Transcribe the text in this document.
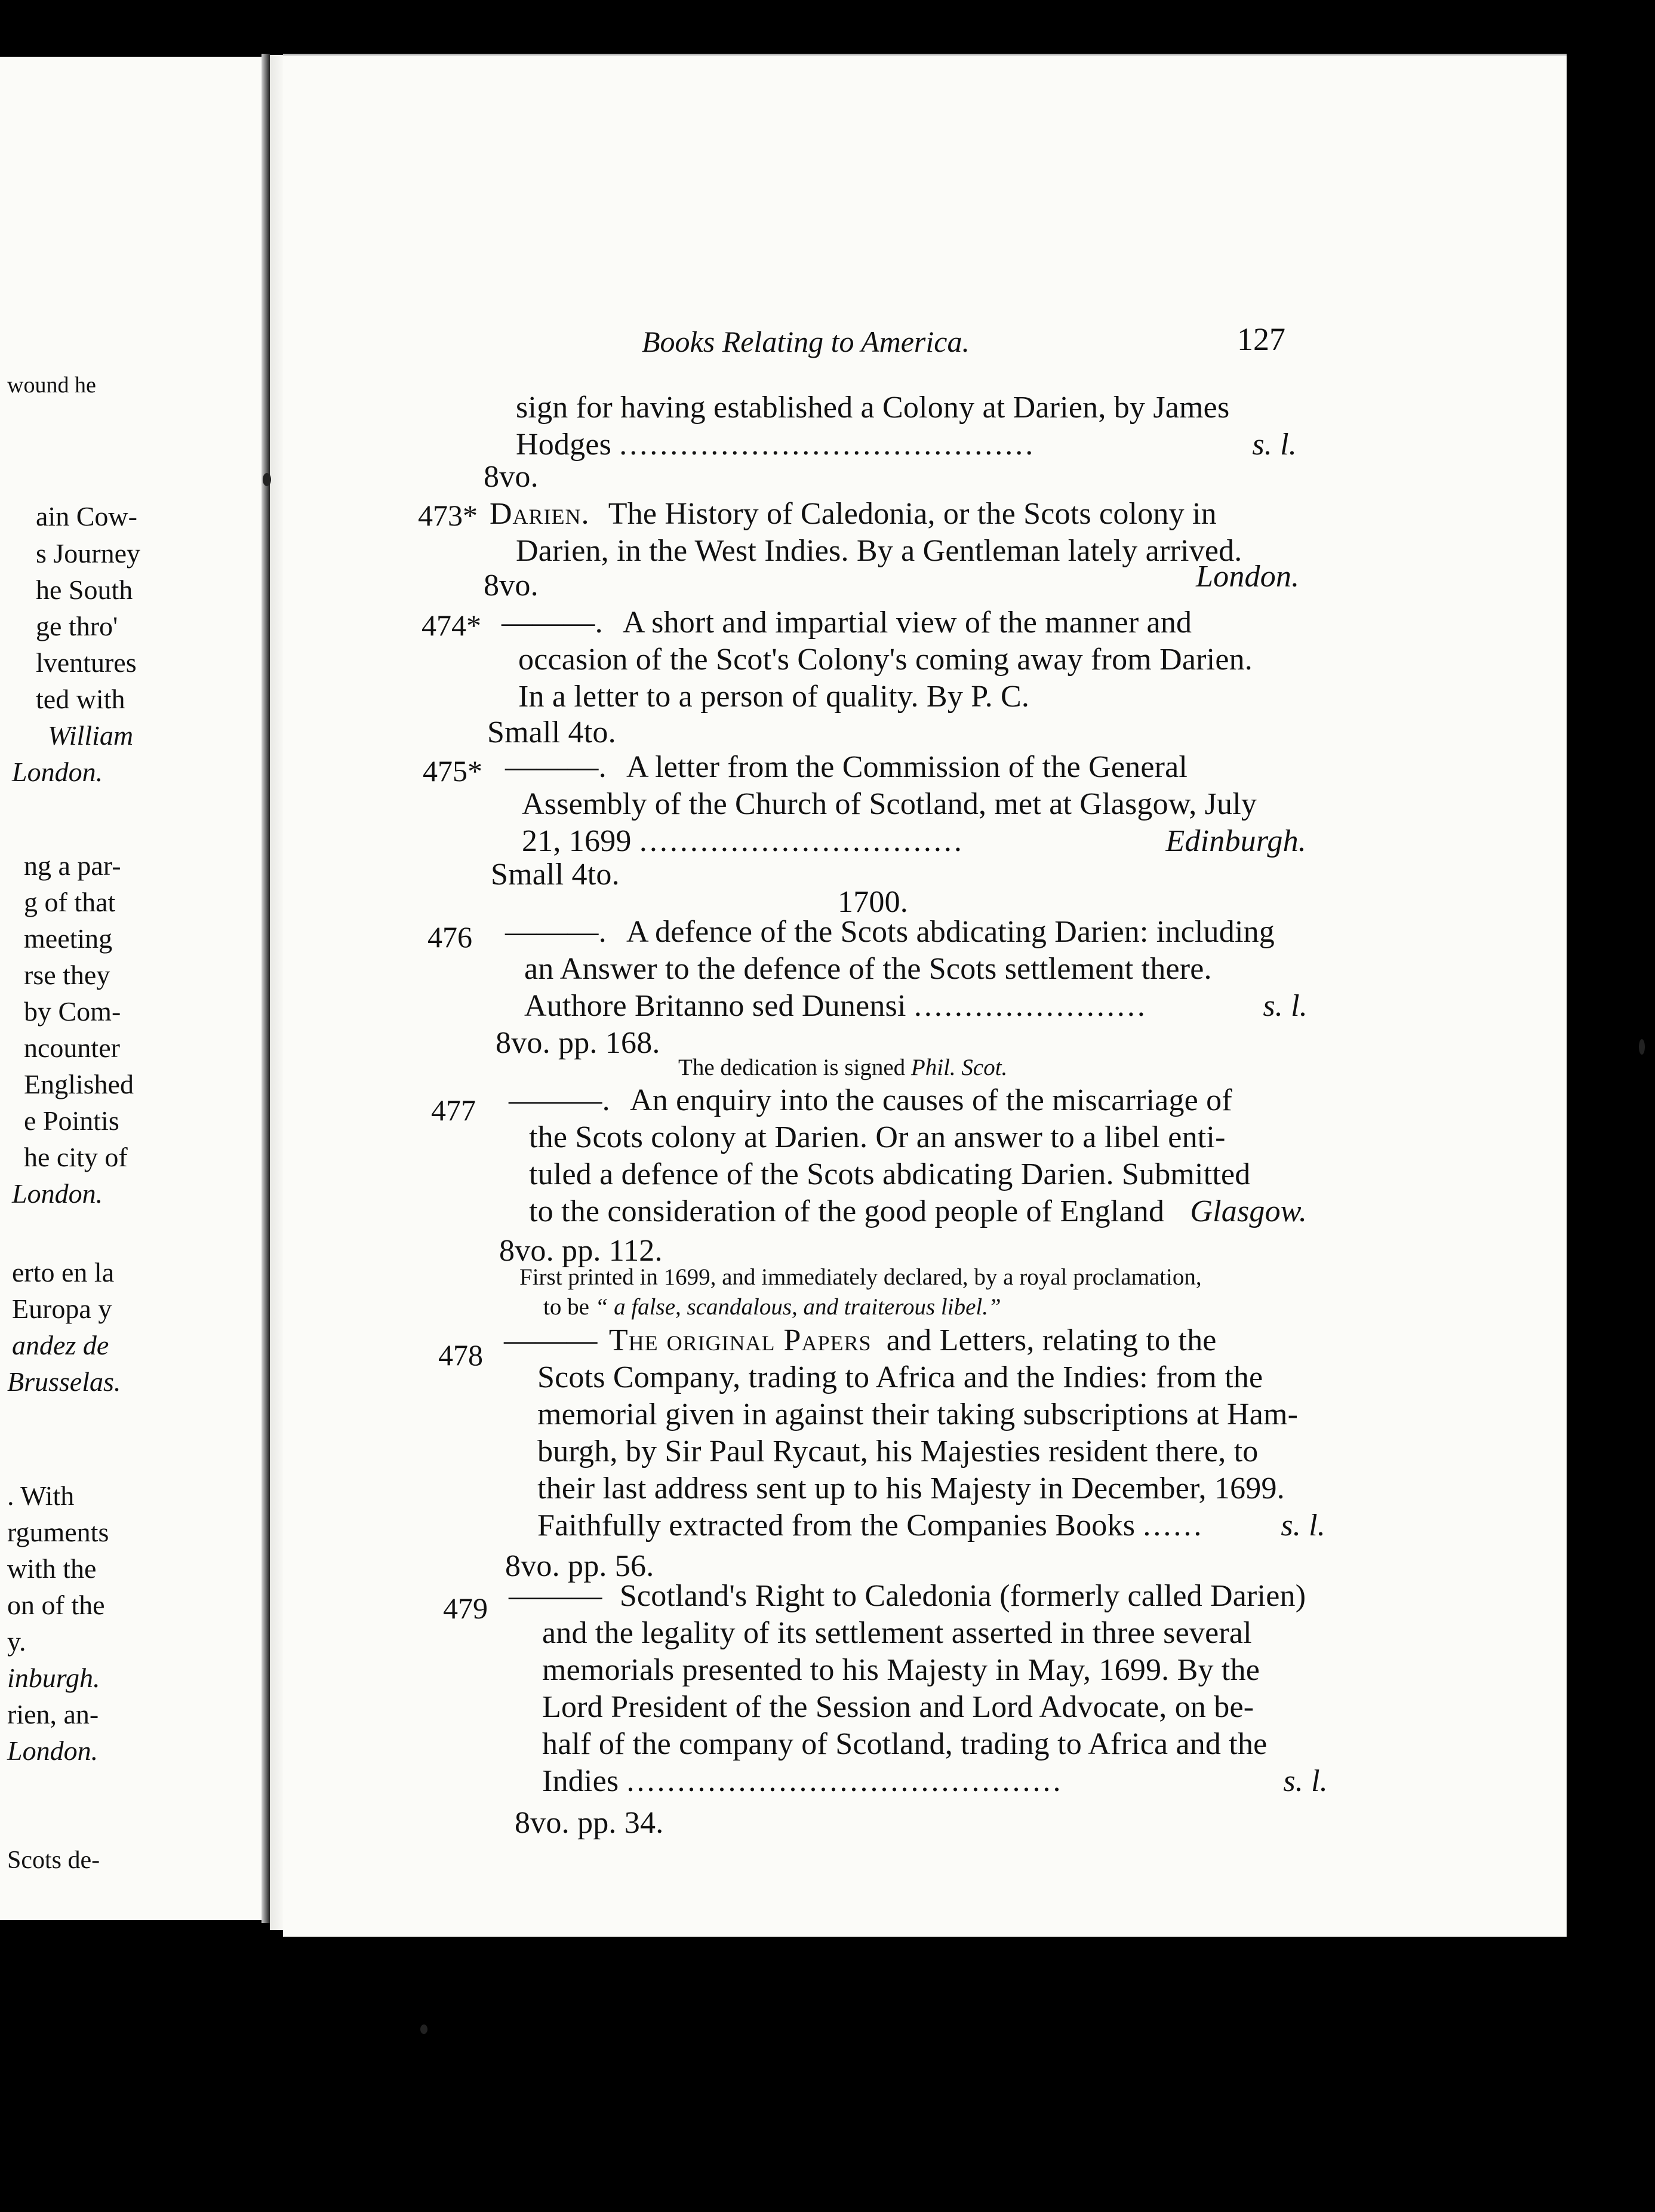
wound he
ain Cow-
s Journey
he South
ge thro'
lventures
ted with
William
London.
ng a par-
g of that
meeting
rse they
by Com-
ncounter
Englished
e Pointis
he city of
London.
erto en la
Europa y
andez de
Brusselas.
. With
rguments
with the
on of the
y.
inburgh.
rien, an-
London.
Scots de-
Books Relating to America.	127
sign for having established a Colony at Darien, by James
Hodges .........................................	s. l.
8vo.
473* Darien. The History of Caledonia, or the Scots colony in
Darien, in the West Indies. By a Gentleman lately arrived.
8vo.	London.
474* ———. A short and impartial view of the manner and
occasion of the Scot's Colony's coming away from Darien.
In a letter to a person of quality. By P. C.
Small 4to.
475* ———. A letter from the Commission of the General
Assembly of the Church of Scotland, met at Glasgow, July
21, 1699 ................................	Edinburgh.
Small 4to.
1700.
476 ———. A defence of the Scots abdicating Darien: including
an Answer to the defence of the Scots settlement there.
Authore Britanno sed Dunensi .......................	s. l.
8vo. pp. 168.
The dedication is signed Phil. Scot.
477 ———. An enquiry into the causes of the miscarriage of
the Scots colony at Darien. Or an answer to a libel enti-
tuled a defence of the Scots abdicating Darien. Submitted
to the consideration of the good people of England Glasgow.
8vo. pp. 112.
First printed in 1699, and immediately declared, by a royal proclamation,
to be “ a false, scandalous, and traiterous libel.”
478 ——— The original Papers and Letters, relating to the
Scots Company, trading to Africa and the Indies: from the
memorial given in against their taking subscriptions at Ham-
burgh, by Sir Paul Rycaut, his Majesties resident there, to
their last address sent up to his Majesty in December, 1699.
Faithfully extracted from the Companies Books ...... s. l.
8vo. pp. 56.
479 ——— Scotland's Right to Caledonia (formerly called Darien)
and the legality of its settlement asserted in three several
memorials presented to his Majesty in May, 1699. By the
Lord President of the Session and Lord Advocate, on be-
half of the company of Scotland, trading to Africa and the
Indies ...........................................	s. l.
8vo. pp. 34.
